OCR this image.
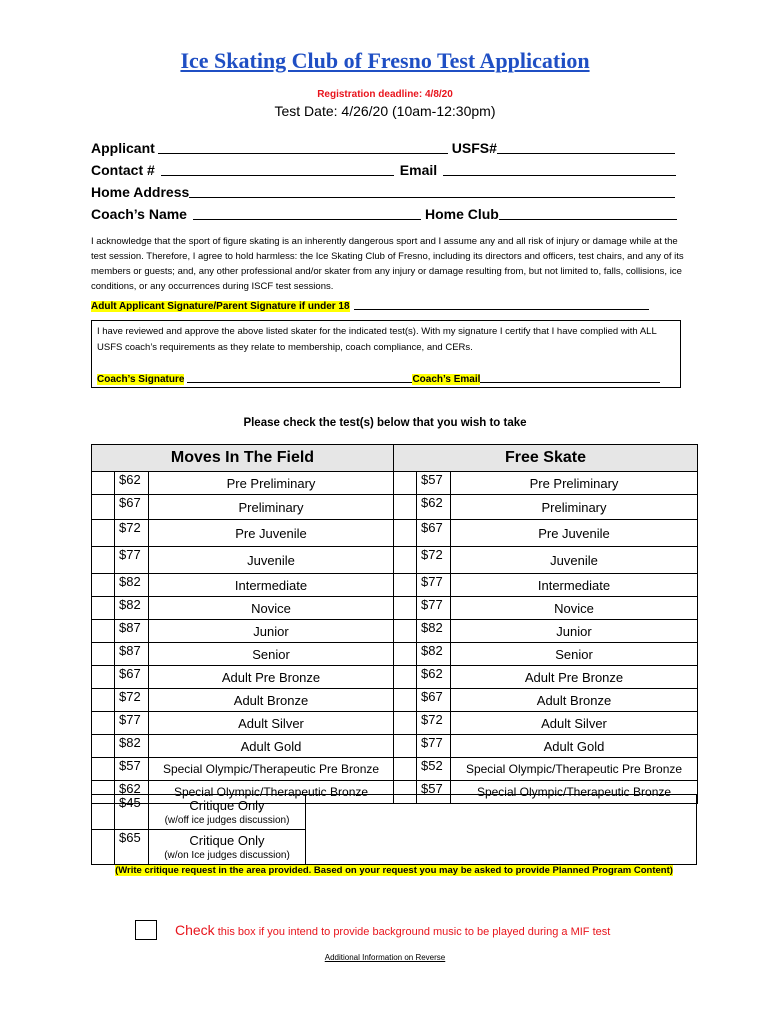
Ice Skating Club of Fresno Test Application
Registration deadline: 4/8/20
Test Date: 4/26/20 (10am-12:30pm)
Applicant	USFS#
Contact #	Email
Home Address
Coach’s Name	Home Club
I acknowledge that the sport of figure skating is an inherently dangerous sport and I assume any and all risk of injury or damage while at the test session. Therefore, I agree to hold harmless: the Ice Skating Club of Fresno, including its directors and officers, test chairs, and any of its members or guests; and, any other professional and/or skater from any injury or damage resulting from, but not limited to, falls, collisions, ice conditions, or any occurrences during ISCF test sessions.
Adult Applicant Signature/Parent Signature if under 18
I have reviewed and approve the above listed skater for the indicated test(s). With my signature I certify that I have complied with ALL USFS coach’s requirements as they relate to membership, coach compliance, and CERs.
Coach’s Signature	Coach’s Email
Please check the test(s) below that you wish to take
Moves In The Field			Free Skate		
	$62	Pre Preliminary		$57	Pre Preliminary
	$67	Preliminary		$62	Preliminary
	$72	Pre Juvenile		$67	Pre Juvenile
	$77	Juvenile		$72	Juvenile
	$82	Intermediate		$77	Intermediate
	$82	Novice		$77	Novice
	$87	Junior		$82	Junior
	$87	Senior		$82	Senior
	$67	Adult Pre Bronze		$62	Adult Pre Bronze
	$72	Adult Bronze		$67	Adult Bronze
	$77	Adult Silver		$72	Adult Silver
	$82	Adult Gold		$77	Adult Gold
	$57	Special Olympic/Therapeutic Pre Bronze		$52	Special Olympic/Therapeutic Pre Bronze
	$62	Special Olympic/Therapeutic Bronze		$57	Special Olympic/Therapeutic Bronze
	$45	Critique Only
(w/off ice judges discussion)	

	$65	Critique Only
(w/on Ice judges discussion)	
(Write critique request in the area provided. Based on your request you may be asked to provide Planned Program Content)
Check this box if you intend to provide background music to be played during a MIF test
Additional Information on Reverse
